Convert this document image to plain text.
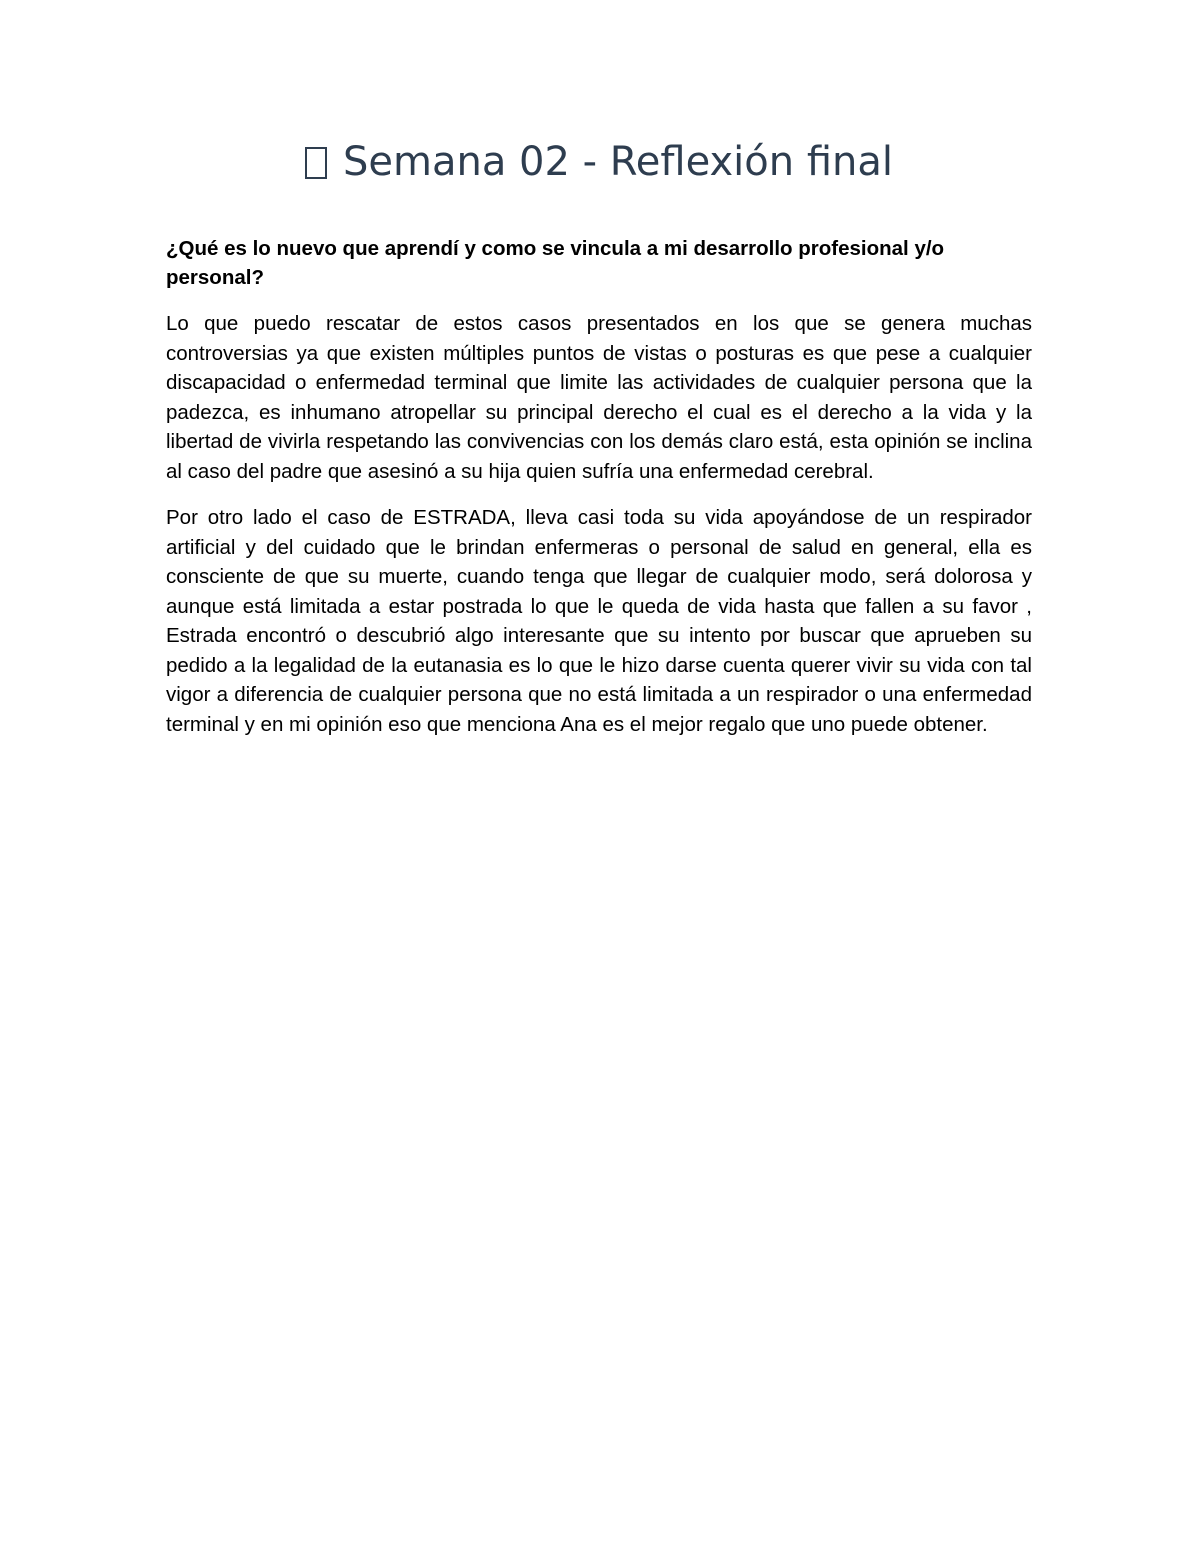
Semana 02 - Reflexión final

¿Qué es lo nuevo que aprendí y como se vincula a mi desarrollo profesional y/o personal?

Lo que puedo rescatar de estos casos presentados en los que se genera muchas controversias ya que existen múltiples puntos de vistas o posturas es que pese a cualquier discapacidad o enfermedad terminal que limite las actividades de cualquier persona que la padezca, es inhumano atropellar su principal derecho el cual es el derecho a la vida y la libertad de vivirla respetando las convivencias con los demás claro está, esta opinión se inclina al caso del padre que asesinó a su hija quien sufría una enfermedad cerebral.

Por otro lado el caso de ESTRADA, lleva casi toda su vida apoyándose de un respirador artificial y del cuidado que le brindan enfermeras o personal de salud en general, ella es consciente de que su muerte, cuando tenga que llegar de cualquier modo, será dolorosa y aunque está limitada a estar postrada lo que le queda de vida hasta que fallen a su favor , Estrada encontró o descubrió algo interesante que su intento por buscar que aprueben su pedido a la legalidad de la eutanasia es lo que le hizo darse cuenta querer vivir su vida con tal vigor a diferencia de cualquier persona que no está limitada a un respirador o una enfermedad terminal y en mi opinión eso que menciona Ana es el mejor regalo que uno puede obtener.
